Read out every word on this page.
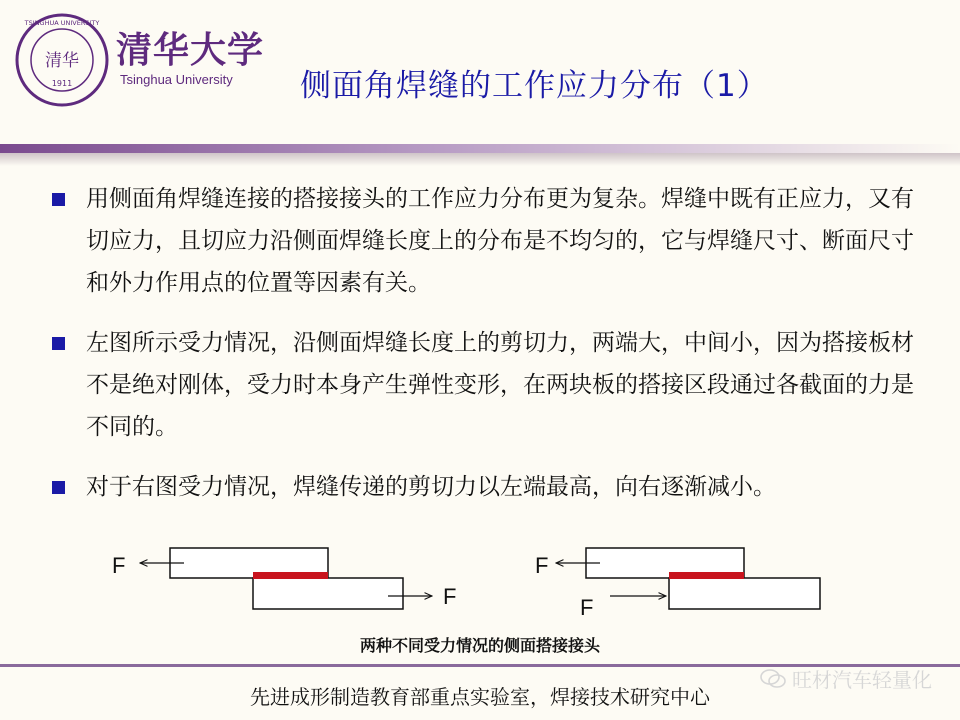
清华
1911
TSINGHUA UNIVERSITY
清华大学
Tsinghua University 侧面角焊缝的工作应力分布（1）
用侧面角焊缝连接的搭接接头的工作应力分布更为复杂。焊缝中既有正应力，又有切应力，且切应力沿侧面焊缝长度上的分布是不均匀的，它与焊缝尺寸、断面尺寸和外力作用点的位置等因素有关。
左图所示受力情况，沿侧面焊缝长度上的剪切力，两端大，中间小，因为搭接板材不是绝对刚体，受力时本身产生弹性变形，在两块板的搭接区段通过各截面的力是不同的。
对于右图受力情况，焊缝传递的剪切力以左端最高，向右逐渐减小。
F
F
F
F
两种不同受力情况的侧面搭接接头
先进成形制造教育部重点实验室，焊接技术研究中心
旺材汽车轻量化
